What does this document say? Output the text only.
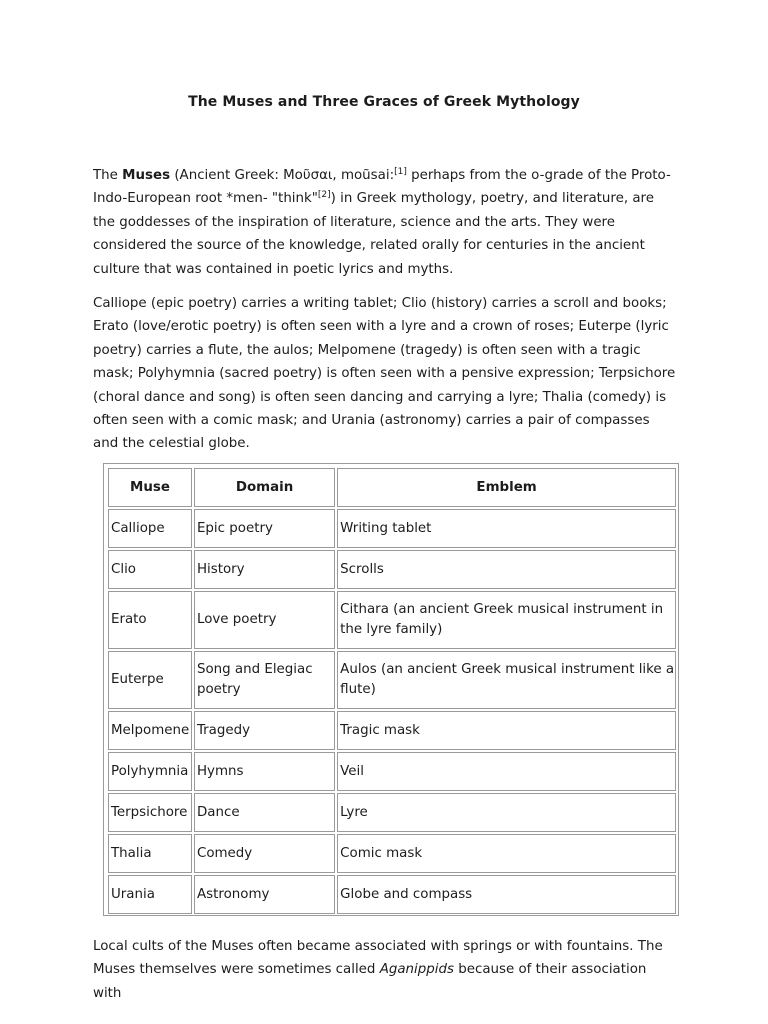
The Muses and Three Graces of Greek Mythology
The Muses (Ancient Greek: Μοῦσαι, moũsai:[1] perhaps from the o-grade of the Proto-Indo-European root *men- "think"[2]) in Greek mythology, poetry, and literature, are the goddesses of the inspiration of literature, science and the arts. They were considered the source of the knowledge, related orally for centuries in the ancient culture that was contained in poetic lyrics and myths.
Calliope (epic poetry) carries a writing tablet; Clio (history) carries a scroll and books; Erato (love/erotic poetry) is often seen with a lyre and a crown of roses; Euterpe (lyric poetry) carries a flute, the aulos; Melpomene (tragedy) is often seen with a tragic mask; Polyhymnia (sacred poetry) is often seen with a pensive expression; Terpsichore (choral dance and song) is often seen dancing and carrying a lyre; Thalia (comedy) is often seen with a comic mask; and Urania (astronomy) carries a pair of compasses and the celestial globe.
Muse	Domain	Emblem
Calliope	Epic poetry	Writing tablet
Clio	History	Scrolls
Erato	Love poetry	Cithara (an ancient Greek musical instrument in the lyre family)
Euterpe	Song and Elegiac poetry	Aulos (an ancient Greek musical instrument like a flute)
Melpomene	Tragedy	Tragic mask
Polyhymnia	Hymns	Veil
Terpsichore	Dance	Lyre
Thalia	Comedy	Comic mask
Urania	Astronomy	Globe and compass
Local cults of the Muses often became associated with springs or with fountains. The Muses themselves were sometimes called Aganippids because of their association with
